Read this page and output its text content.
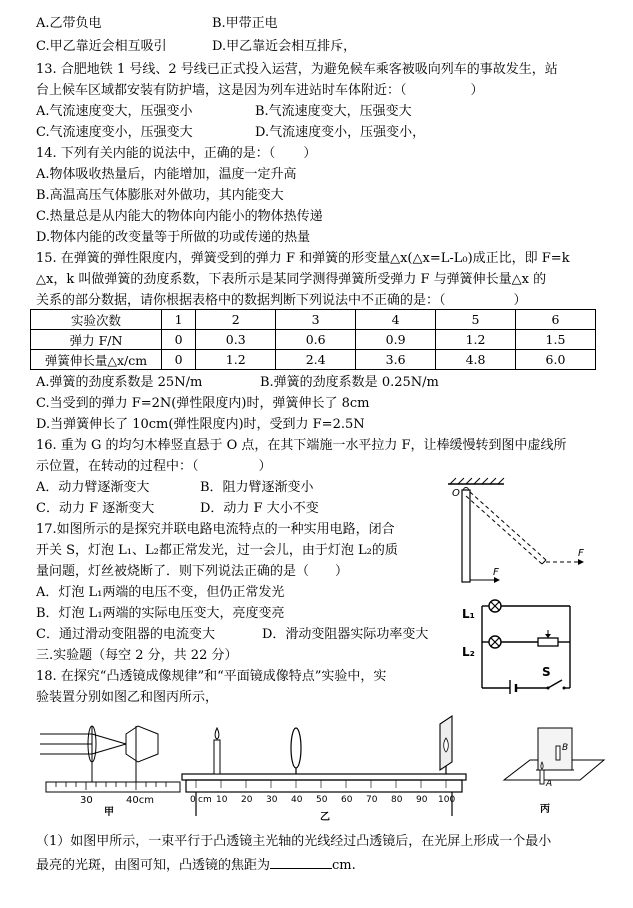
A.乙带负电	B.甲带正电
C.甲乙靠近会相互吸引	D.甲乙靠近会相互排斥，
13. 合肥地铁 1 号线、2 号线已正式投入运营，为避免候车乘客被吸向列车的事故发生，站
台上候车区域都安装有防护墙，这是因为列车进站时车体附近：（	）
A.气流速度变大，压强变小	B.气流速度变大，压强变大
C.气流速度变小，压强变大	D.气流速度变小，压强变小，
14. 下列有关内能的说法中，正确的是：（ ）
A.物体吸收热量后，内能增加，温度一定升高
B.高温高压气体膨胀对外做功，其内能变大
C.热量总是从内能大的物体向内能小的物体热传递
D.物体内能的改变量等于所做的功或传递的热量
15. 在弹簧的弹性限度内，弹簧受到的弹力 F 和弹簧的形变量△x(△x=L-L₀)成正比，即 F=k
△x，k 叫做弹簧的劲度系数，下表所示是某同学测得弹簧所受弹力 F 与弹簧伸长量△x 的
关系的部分数据，请你根据表格中的数据判断下列说法中不正确的是：（	）
实验次数	1	2	3	4	5	6
弹力 F/N	0	0.3	0.6	0.9	1.2	1.5
弹簧伸长量△x/cm	0	1.2	2.4	3.6	4.8	6.0
A.弹簧的劲度系数是 25N/m	B.弹簧的劲度系数是 0.25N/m
C.当受到的弹力 F=2N(弹性限度内)时，弹簧伸长了 8cm
D.当弹簧伸长了 10cm(弹性限度内)时，受到力 F=2.5N
16. 重为 G 的均匀木棒竖直悬于 O 点，在其下端施一水平拉力 F，让棒缓慢转到图中虚线所
示位置，在转动的过程中：（	）
A．动力臂逐渐变大	B．阻力臂逐渐变小
C．动力 F 逐渐变大	D．动力 F 大小不变
O
F
F
17.如图所示的是探究并联电路电流特点的一种实用电路，闭合
开关 S，灯泡 L₁、L₂都正常发光，过一会儿，由于灯泡 L₂的质
量问题，灯丝被烧断了．则下列说法正确的是（　　）
A．灯泡 L₁两端的电压不变，但仍正常发光
B．灯泡 L₁两端的实际电压变大，亮度变亮
C．通过滑动变阻器的电流变大	D．滑动变阻器实际功率变大
L₁
L₂
S
三.实验题（每空 2 分，共 22 分）
18. 在探究“凸透镜成像规律”和“平面镜成像特点”实验中，实
验装置分别如图乙和图丙所示，
30	40cm
甲
0 cm 10 20 30 40 50 60 70 80 90 100
乙
B
A
丙
（1）如图甲所示，一束平行于凸透镜主光轴的光线经过凸透镜后，在光屏上形成一个最小
最亮的光斑，由图可知，凸透镜的焦距为	cm.
